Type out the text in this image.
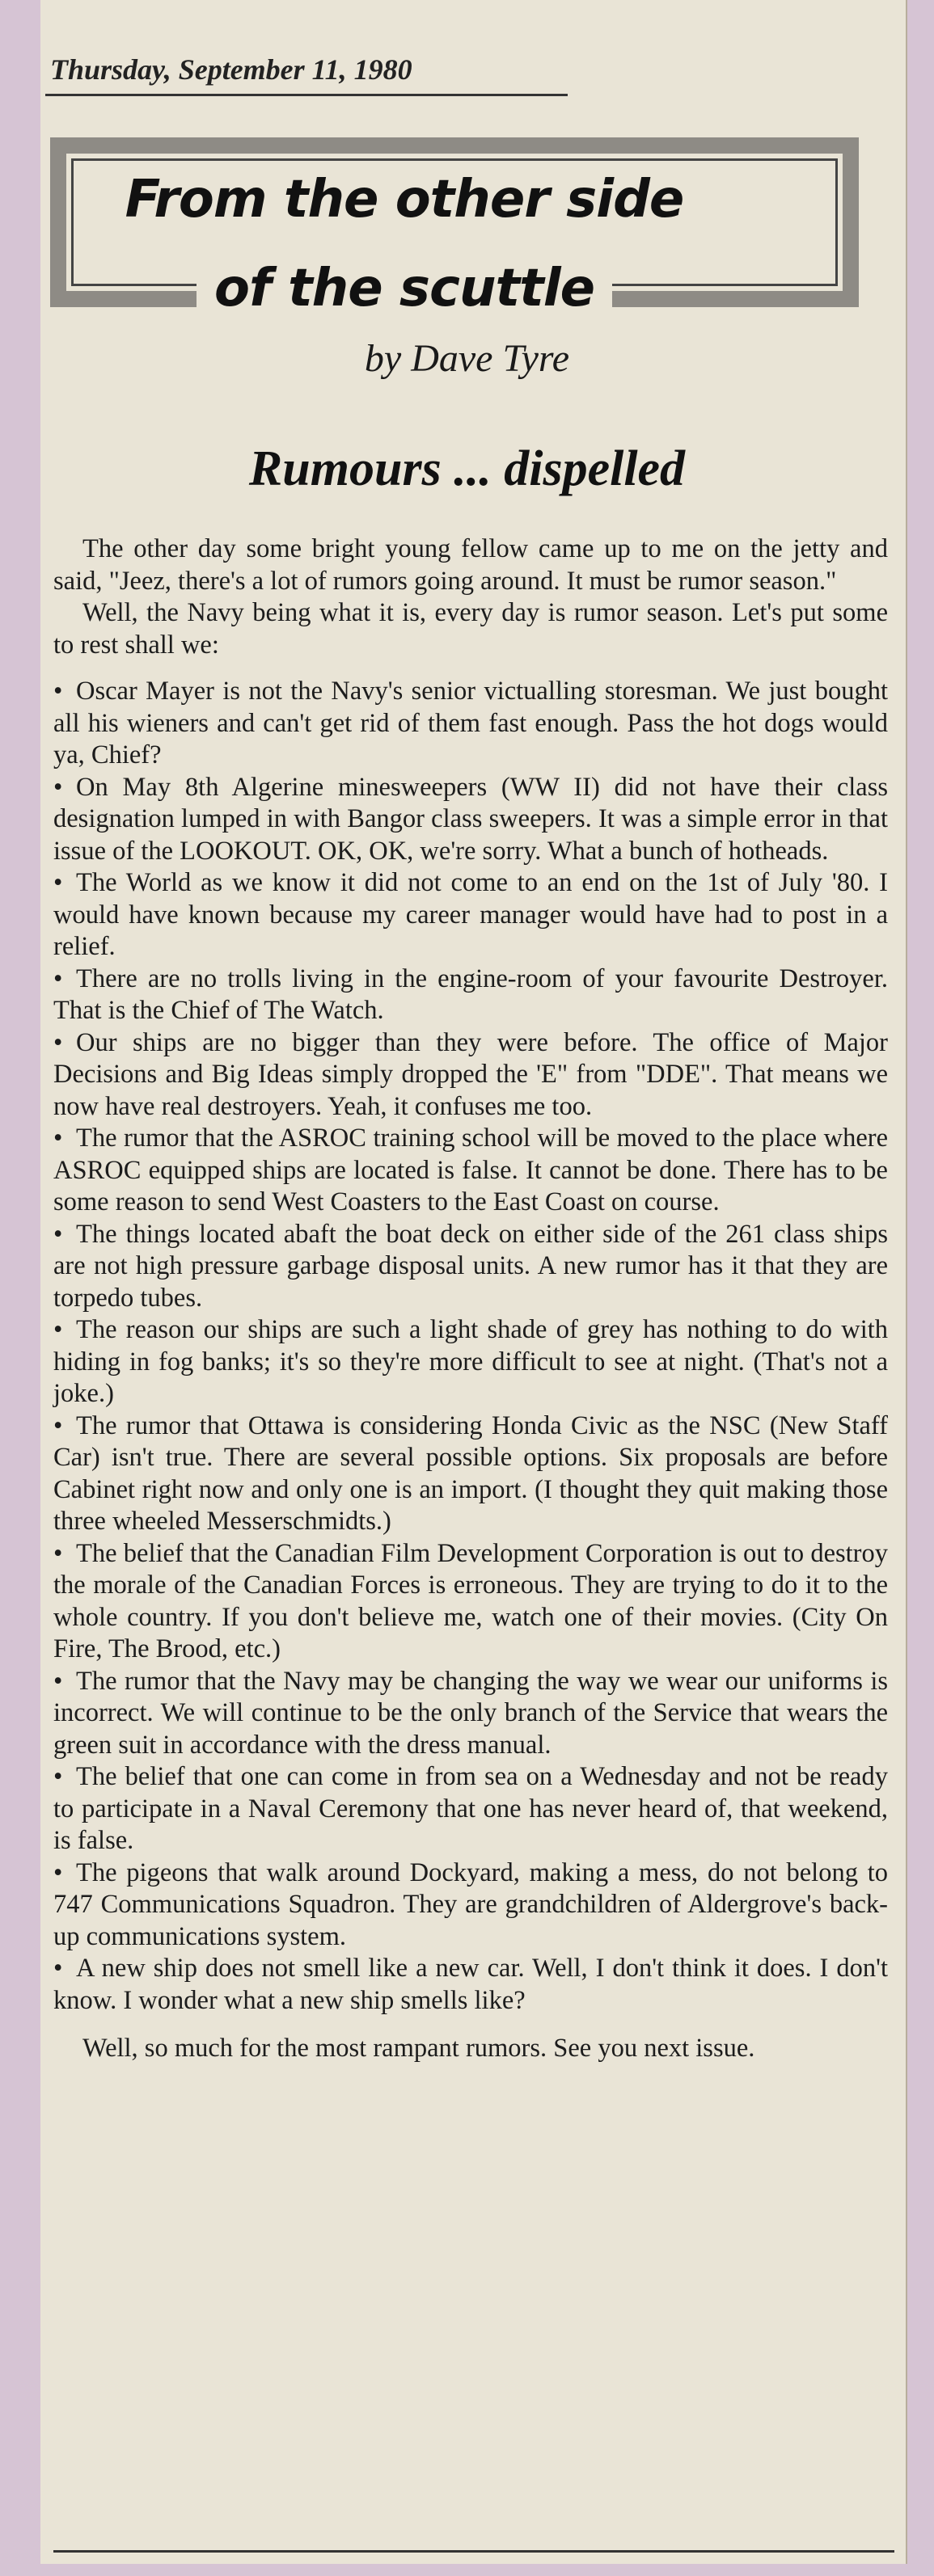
Thursday, September 11, 1980
From the other side
of the scuttle
by Dave Tyre
Rumours ... dispelled

The other day some bright young fellow came up to me on the jetty and said, "Jeez, there's a lot of rumors going around. It must be rumor season."

Well, the Navy being what it is, every day is rumor season. Let's put some to rest shall we:

• Oscar Mayer is not the Navy's senior victualling storesman. We just bought all his wieners and can't get rid of them fast enough. Pass the hot dogs would ya, Chief?

• On May 8th Algerine minesweepers (WW II) did not have their class designation lumped in with Bangor class sweepers. It was a simple error in that issue of the LOOKOUT. OK, OK, we're sorry. What a bunch of hotheads.

• The World as we know it did not come to an end on the 1st of July '80. I would have known because my career manager would have had to post in a relief.

• There are no trolls living in the engine-room of your favourite Destroyer. That is the Chief of The Watch.

• Our ships are no bigger than they were before. The office of Major Decisions and Big Ideas simply dropped the 'E" from "DDE". That means we now have real destroyers. Yeah, it confuses me too.

• The rumor that the ASROC training school will be moved to the place where ASROC equipped ships are located is false. It cannot be done. There has to be some reason to send West Coasters to the East Coast on course.

• The things located abaft the boat deck on either side of the 261 class ships are not high pressure garbage disposal units. A new rumor has it that they are torpedo tubes.

• The reason our ships are such a light shade of grey has nothing to do with hiding in fog banks; it's so they're more difficult to see at night. (That's not a joke.)

• The rumor that Ottawa is considering Honda Civic as the NSC (New Staff Car) isn't true. There are several possible options. Six proposals are before Cabinet right now and only one is an import. (I thought they quit making those three wheeled Messerschmidts.)

• The belief that the Canadian Film Development Corporation is out to destroy the morale of the Canadian Forces is erroneous. They are trying to do it to the whole country. If you don't believe me, watch one of their movies. (City On Fire, The Brood, etc.)

• The rumor that the Navy may be changing the way we wear our uniforms is incorrect. We will continue to be the only branch of the Service that wears the green suit in accordance with the dress manual.

• The belief that one can come in from sea on a Wednesday and not be ready to participate in a Naval Ceremony that one has never heard of, that weekend, is false.

• The pigeons that walk around Dockyard, making a mess, do not belong to 747 Communications Squadron. They are grandchildren of Aldergrove's back-up communications system.

• A new ship does not smell like a new car. Well, I don't think it does. I don't know. I wonder what a new ship smells like?

Well, so much for the most rampant rumors. See you next issue.
